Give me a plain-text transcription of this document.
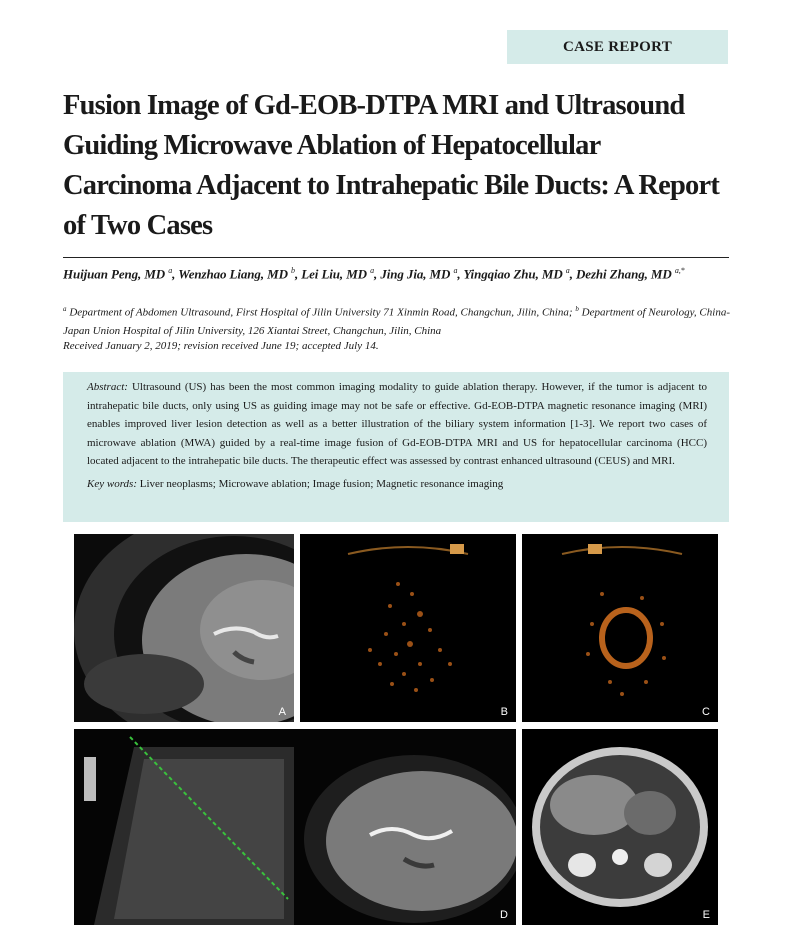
CASE REPORT
Fusion Image of Gd-EOB-DTPA MRI and Ultrasound Guiding Microwave Ablation of Hepatocellular Carcinoma Adjacent to Intrahepatic Bile Ducts: A Report of Two Cases
Huijuan Peng, MD $^a$, Wenzhao Liang, MD $^b$, Lei Liu, MD $^a$, Jing Jia, MD $^a$, Yingqiao Zhu, MD $^a$, Dezhi Zhang, MD $^{a,*}$
$^a$ Department of Abdomen Ultrasound, First Hospital of Jilin University 71 Xinmin Road, Changchun, Jilin, China; $^b$ Department of Neurology, China-Japan Union Hospital of Jilin University, 126 Xiantai Street, Changchun, Jilin, China
Received January 2, 2019; revision received June 19; accepted July 14.
Abstract: Ultrasound (US) has been the most common imaging modality to guide ablation therapy. However, if the tumor is adjacent to intrahepatic bile ducts, only using US as guiding image may not be safe or effective. Gd-EOB-DTPA magnetic resonance imaging (MRI) enables improved liver lesion detection as well as a better illustration of the biliary system information [1-3]. We report two cases of microwave ablation (MWA) guided by a real-time image fusion of Gd-EOB-DTPA MRI and US for hepatocellular carcinoma (HCC) located adjacent to the intrahepatic bile ducts. The therapeutic effect was assessed by contrast enhanced ultrasound (CEUS) and MRI.
Key words: Liver neoplasms; Microwave ablation; Image fusion; Magnetic resonance imaging
A	B	C
D	E
